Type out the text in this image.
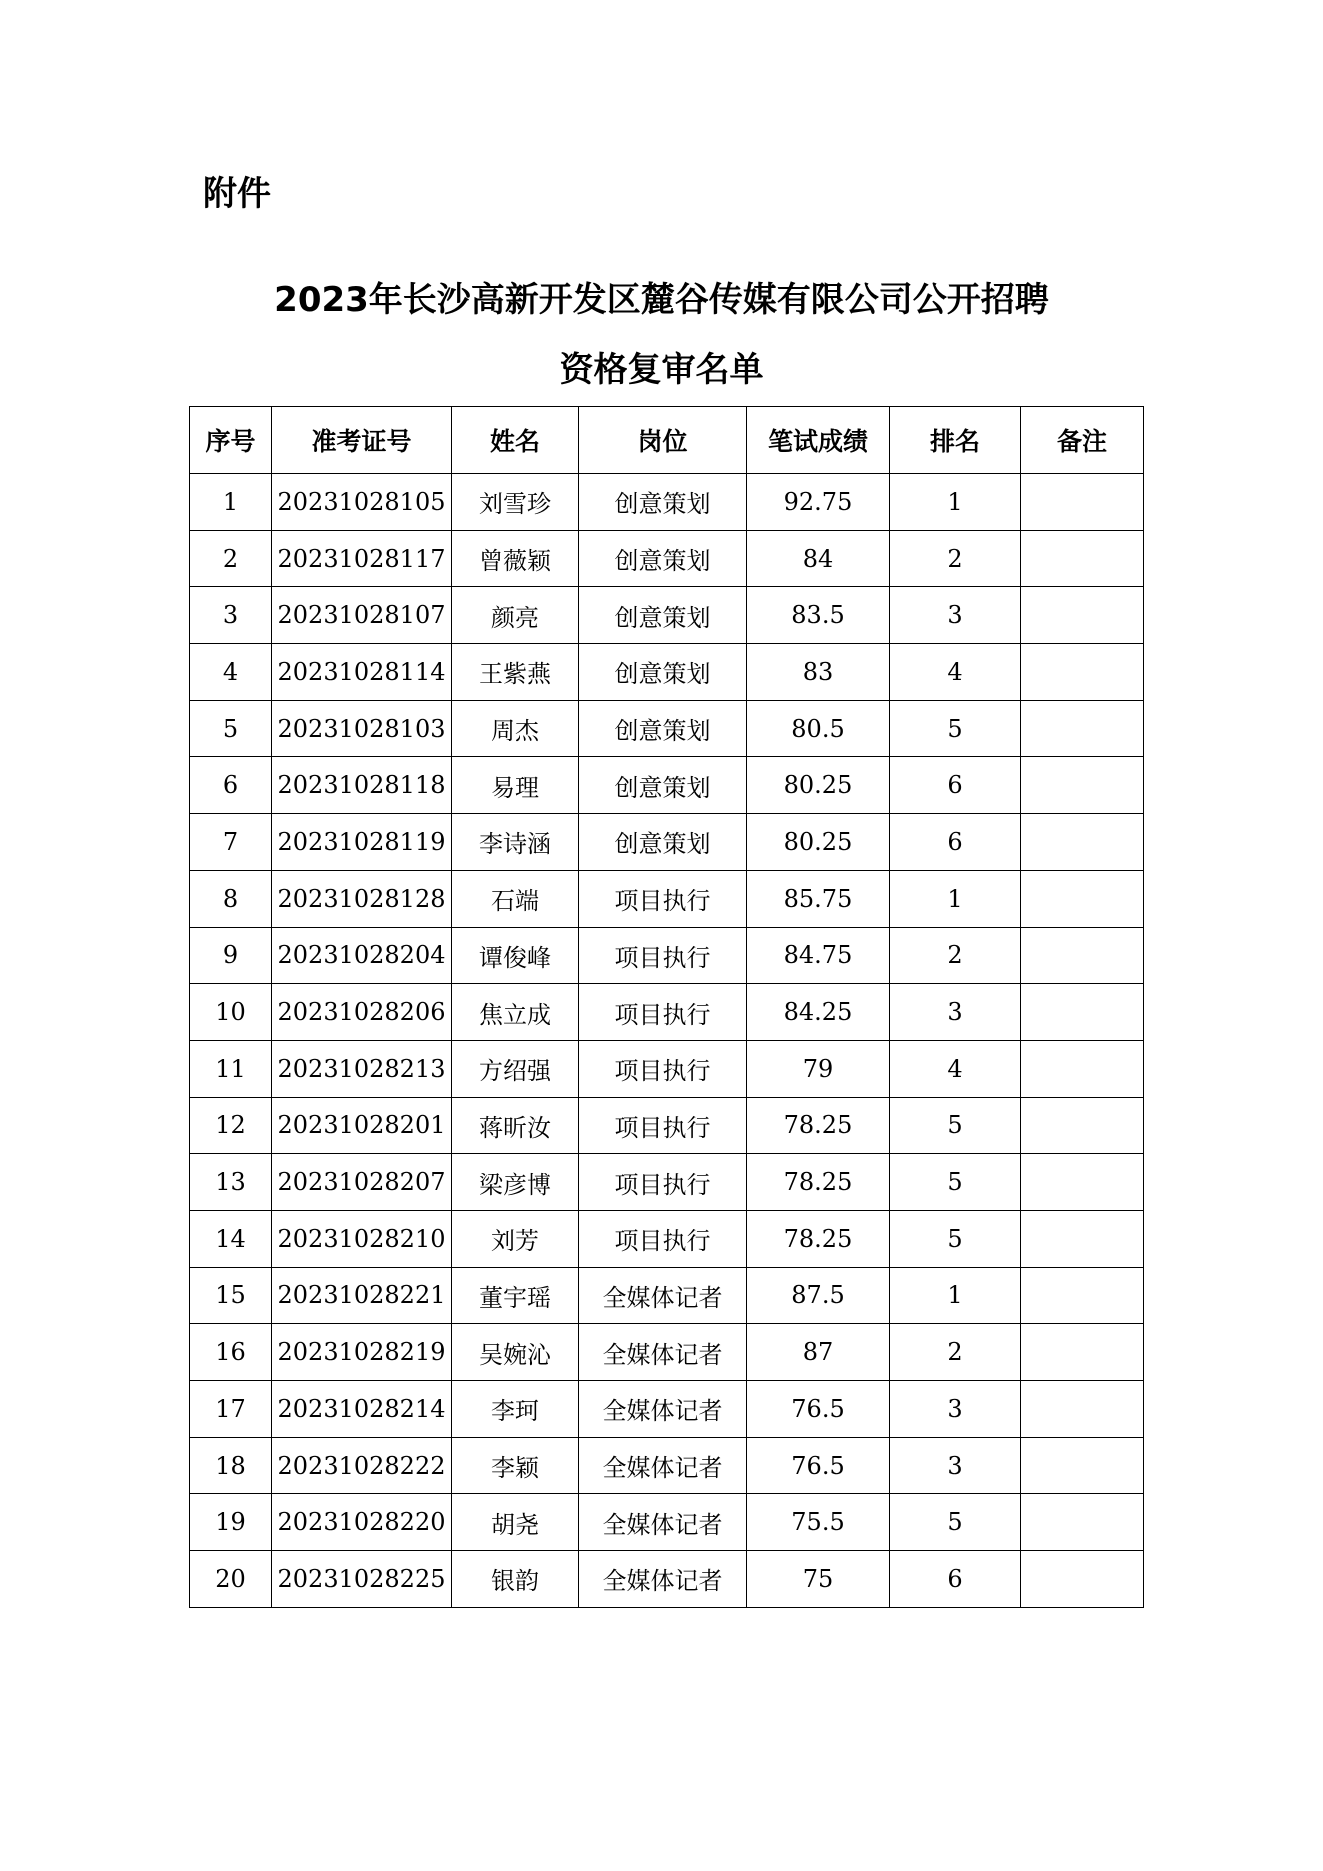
附件
2023年长沙高新开发区麓谷传媒有限公司公开招聘
资格复审名单
序号	准考证号	姓名	岗位	笔试成绩	排名	备注
1	20231028105	刘雪珍	创意策划	92.75	1	
2	20231028117	曾薇颖	创意策划	84	2	
3	20231028107	颜亮	创意策划	83.5	3	
4	20231028114	王紫燕	创意策划	83	4	
5	20231028103	周杰	创意策划	80.5	5	
6	20231028118	易理	创意策划	80.25	6	
7	20231028119	李诗涵	创意策划	80.25	6	
8	20231028128	石端	项目执行	85.75	1	
9	20231028204	谭俊峰	项目执行	84.75	2	
10	20231028206	焦立成	项目执行	84.25	3	
11	20231028213	方绍强	项目执行	79	4	
12	20231028201	蒋昕汝	项目执行	78.25	5	
13	20231028207	梁彦博	项目执行	78.25	5	
14	20231028210	刘芳	项目执行	78.25	5	
15	20231028221	董宇瑶	全媒体记者	87.5	1	
16	20231028219	吴婉沁	全媒体记者	87	2	
17	20231028214	李珂	全媒体记者	76.5	3	
18	20231028222	李颖	全媒体记者	76.5	3	
19	20231028220	胡尧	全媒体记者	75.5	5	
20	20231028225	银韵	全媒体记者	75	6	
